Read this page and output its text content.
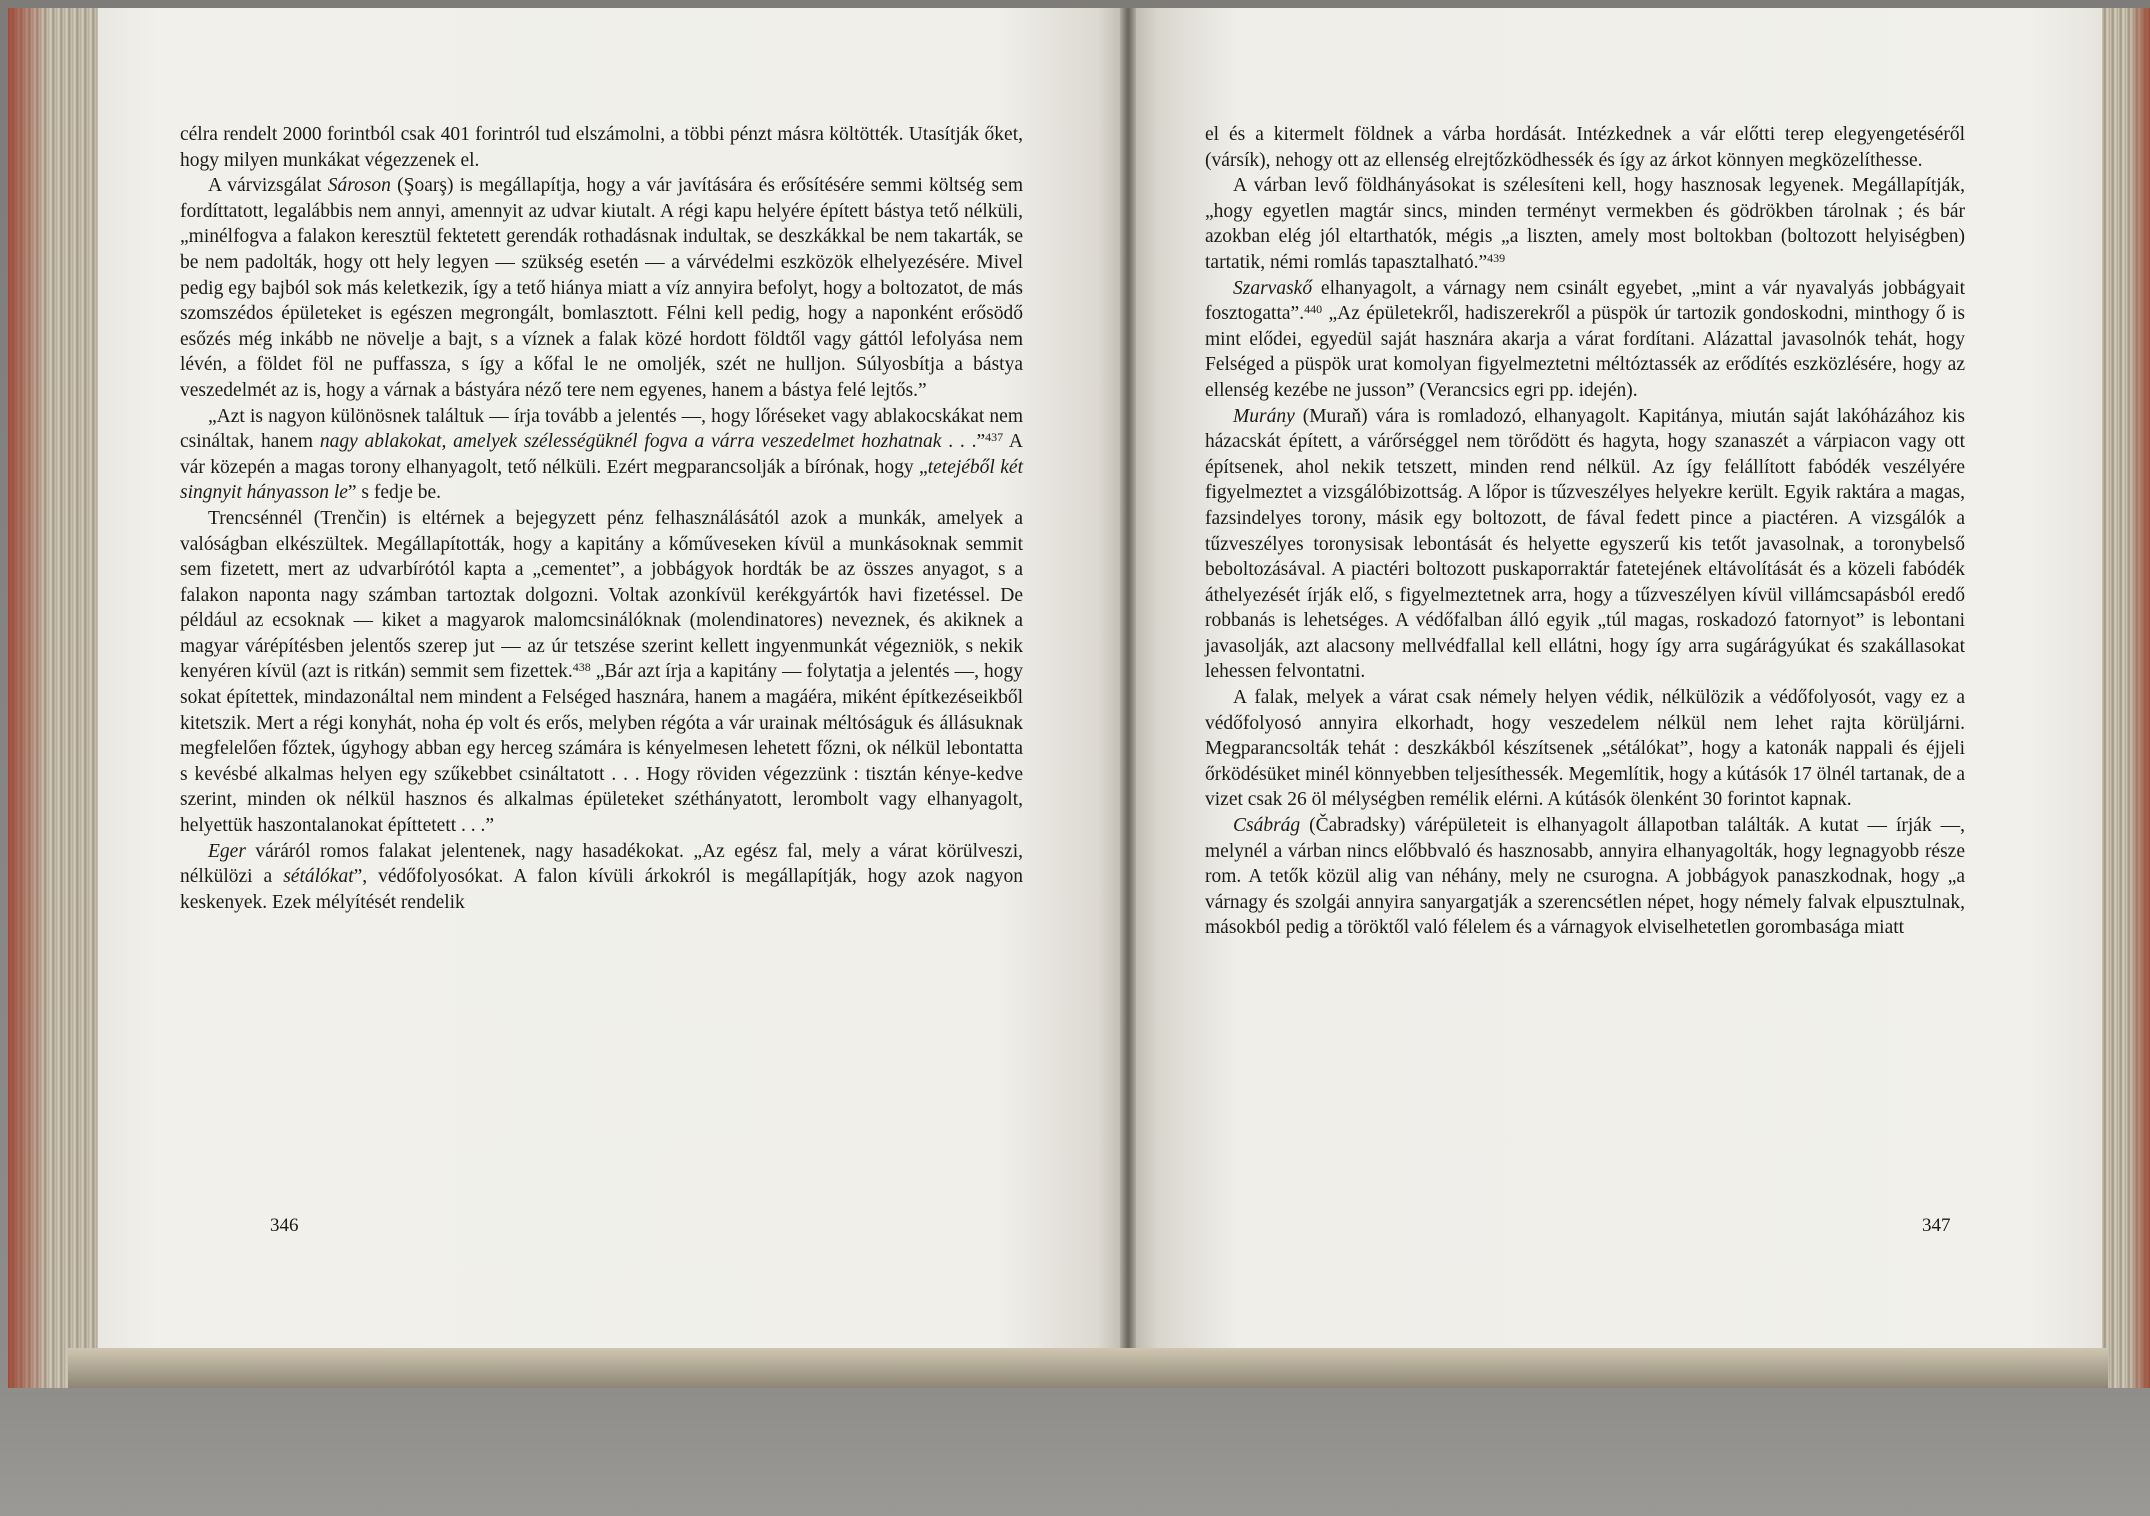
célra rendelt 2000 forintból csak 401 forintról tud elszámolni, a többi pénzt másra költötték. Utasítják őket, hogy milyen munkákat végezzenek el.

A várvizsgálat Sároson (Şoarş) is megállapítja, hogy a vár javítására és erősítésére semmi költség sem fordíttatott, legalábbis nem annyi, amennyit az udvar kiutalt. A régi kapu helyére épített bástya tető nélküli, „minélfogva a falakon keresztül fektetett gerendák rothadásnak indultak, se deszkákkal be nem takarták, se be nem padolták, hogy ott hely legyen — szükség esetén — a várvédelmi eszközök elhelyezésére. Mivel pedig egy bajból sok más keletkezik, így a tető hiánya miatt a víz annyira befolyt, hogy a boltozatot, de más szomszédos épületeket is egészen megrongált, bomlasztott. Félni kell pedig, hogy a naponként erősödő esőzés még inkább ne növelje a bajt, s a víznek a falak közé hordott földtől vagy gáttól lefolyása nem lévén, a földet föl ne puffassza, s így a kőfal le ne omoljék, szét ne hulljon. Súlyosbítja a bástya veszedelmét az is, hogy a várnak a bástyára néző tere nem egyenes, hanem a bástya felé lejtős.”

„Azt is nagyon különösnek találtuk — írja tovább a jelentés —, hogy lőréseket vagy ablakocskákat nem csináltak, hanem nagy ablakokat, amelyek szélességüknél fogva a várra veszedelmet hozhatnak . . .”$^{437}$ A vár közepén a magas torony elhanyagolt, tető nélküli. Ezért megparancsolják a bírónak, hogy „tetejéből két singnyit hányasson le” s fedje be.

Trencsénnél (Trenčin) is eltérnek a bejegyzett pénz felhasználásától azok a munkák, amelyek a valóságban elkészültek. Megállapították, hogy a kapitány a kőműveseken kívül a munkásoknak semmit sem fizetett, mert az udvarbírótól kapta a „cementet”, a jobbágyok hordták be az összes anyagot, s a falakon naponta nagy számban tartoztak dolgozni. Voltak azonkívül kerékgyártók havi fizetéssel. De például az ecsoknak — kiket a magyarok malomcsinálóknak (molendinatores) neveznek, és akiknek a magyar várépítésben jelentős szerep jut — az úr tetszése szerint kellett ingyenmunkát végezniök, s nekik kenyéren kívül (azt is ritkán) semmit sem fizettek.$^{438}$ „Bár azt írja a kapitány — folytatja a jelentés —, hogy sokat építettek, mindazonáltal nem mindent a Felséged hasznára, hanem a magáéra, miként építkezéseikből kitetszik. Mert a régi konyhát, noha ép volt és erős, melyben régóta a vár urainak méltóságuk és állásuknak megfelelően főztek, úgyhogy abban egy herceg számára is kényelmesen lehetett főzni, ok nélkül lebontatta s kevésbé alkalmas helyen egy szűkebbet csináltatott . . . Hogy röviden végezzünk : tisztán kénye-kedve szerint, minden ok nélkül hasznos és alkalmas épületeket széthányatott, lerombolt vagy elhanyagolt, helyettük haszontalanokat építtetett . . .”

Eger váráról romos falakat jelentenek, nagy hasadékokat. „Az egész fal, mely a várat körülveszi, nélkülözi a sétálókat”, védőfolyosókat. A falon kívüli árkokról is megállapítják, hogy azok nagyon keskenyek. Ezek mélyítését rendelik

el és a kitermelt földnek a várba hordását. Intézkednek a vár előtti terep elegyengetéséről (vársík), nehogy ott az ellenség elrejtőzködhessék és így az árkot könnyen megközelíthesse.

A várban levő földhányásokat is szélesíteni kell, hogy hasznosak legyenek. Megállapítják, „hogy egyetlen magtár sincs, minden terményt vermekben és gödrökben tárolnak ; és bár azokban elég jól eltarthatók, mégis „a liszten, amely most boltokban (boltozott helyiségben) tartatik, némi romlás tapasztalható.”$^{439}$

Szarvaskő elhanyagolt, a várnagy nem csinált egyebet, „mint a vár nyavalyás jobbágyait fosztogatta”.$^{440}$ „Az épületekről, hadiszerekről a püspök úr tartozik gondoskodni, minthogy ő is mint elődei, egyedül saját hasznára akarja a várat fordítani. Alázattal javasolnók tehát, hogy Felséged a püspök urat komolyan figyelmeztetni méltóztassék az erődítés eszközlésére, hogy az ellenség kezébe ne jusson” (Verancsics egri pp. idején).

Murány (Muraň) vára is romladozó, elhanyagolt. Kapitánya, miután saját lakóházához kis házacskát épített, a várőrséggel nem törődött és hagyta, hogy szanaszét a várpiacon vagy ott építsenek, ahol nekik tetszett, minden rend nélkül. Az így felállított fabódék veszélyére figyelmeztet a vizsgálóbizottság. A lőpor is tűzveszélyes helyekre került. Egyik raktára a magas, fazsindelyes torony, másik egy boltozott, de fával fedett pince a piactéren. A vizsgálók a tűzveszélyes toronysisak lebontását és helyette egyszerű kis tetőt javasolnak, a toronybelső beboltozásával. A piactéri boltozott puskaporraktár fatetejének eltávolítását és a közeli fabódék áthelyezését írják elő, s figyelmeztetnek arra, hogy a tűzveszélyen kívül villámcsapásból eredő robbanás is lehetséges. A védőfalban álló egyik „túl magas, roskadozó fatornyot” is lebontani javasolják, azt alacsony mellvédfallal kell ellátni, hogy így arra sugárágyúkat és szakállasokat lehessen felvontatni.

A falak, melyek a várat csak némely helyen védik, nélkülözik a védőfolyosót, vagy ez a védőfolyosó annyira elkorhadt, hogy veszedelem nélkül nem lehet rajta körüljárni. Megparancsolták tehát : deszkákból készítsenek „sétálókat”, hogy a katonák nappali és éjjeli őrködésüket minél könnyebben teljesíthessék. Megemlítik, hogy a kútásók 17 ölnél tartanak, de a vizet csak 26 öl mélységben remélik elérni. A kútásók ölenként 30 forintot kapnak.

Csábrág (Čabradsky) várépületeit is elhanyagolt állapotban találták. A kutat — írják —, melynél a várban nincs előbbvaló és hasznosabb, annyira elhanyagolták, hogy legnagyobb része rom. A tetők közül alig van néhány, mely ne csurogna. A jobbágyok panaszkodnak, hogy „a várnagy és szolgái annyira sanyargatják a szerencsétlen népet, hogy némely falvak elpusztulnak, másokból pedig a töröktől való félelem és a várnagyok elviselhetetlen gorombasága miatt

346	347
